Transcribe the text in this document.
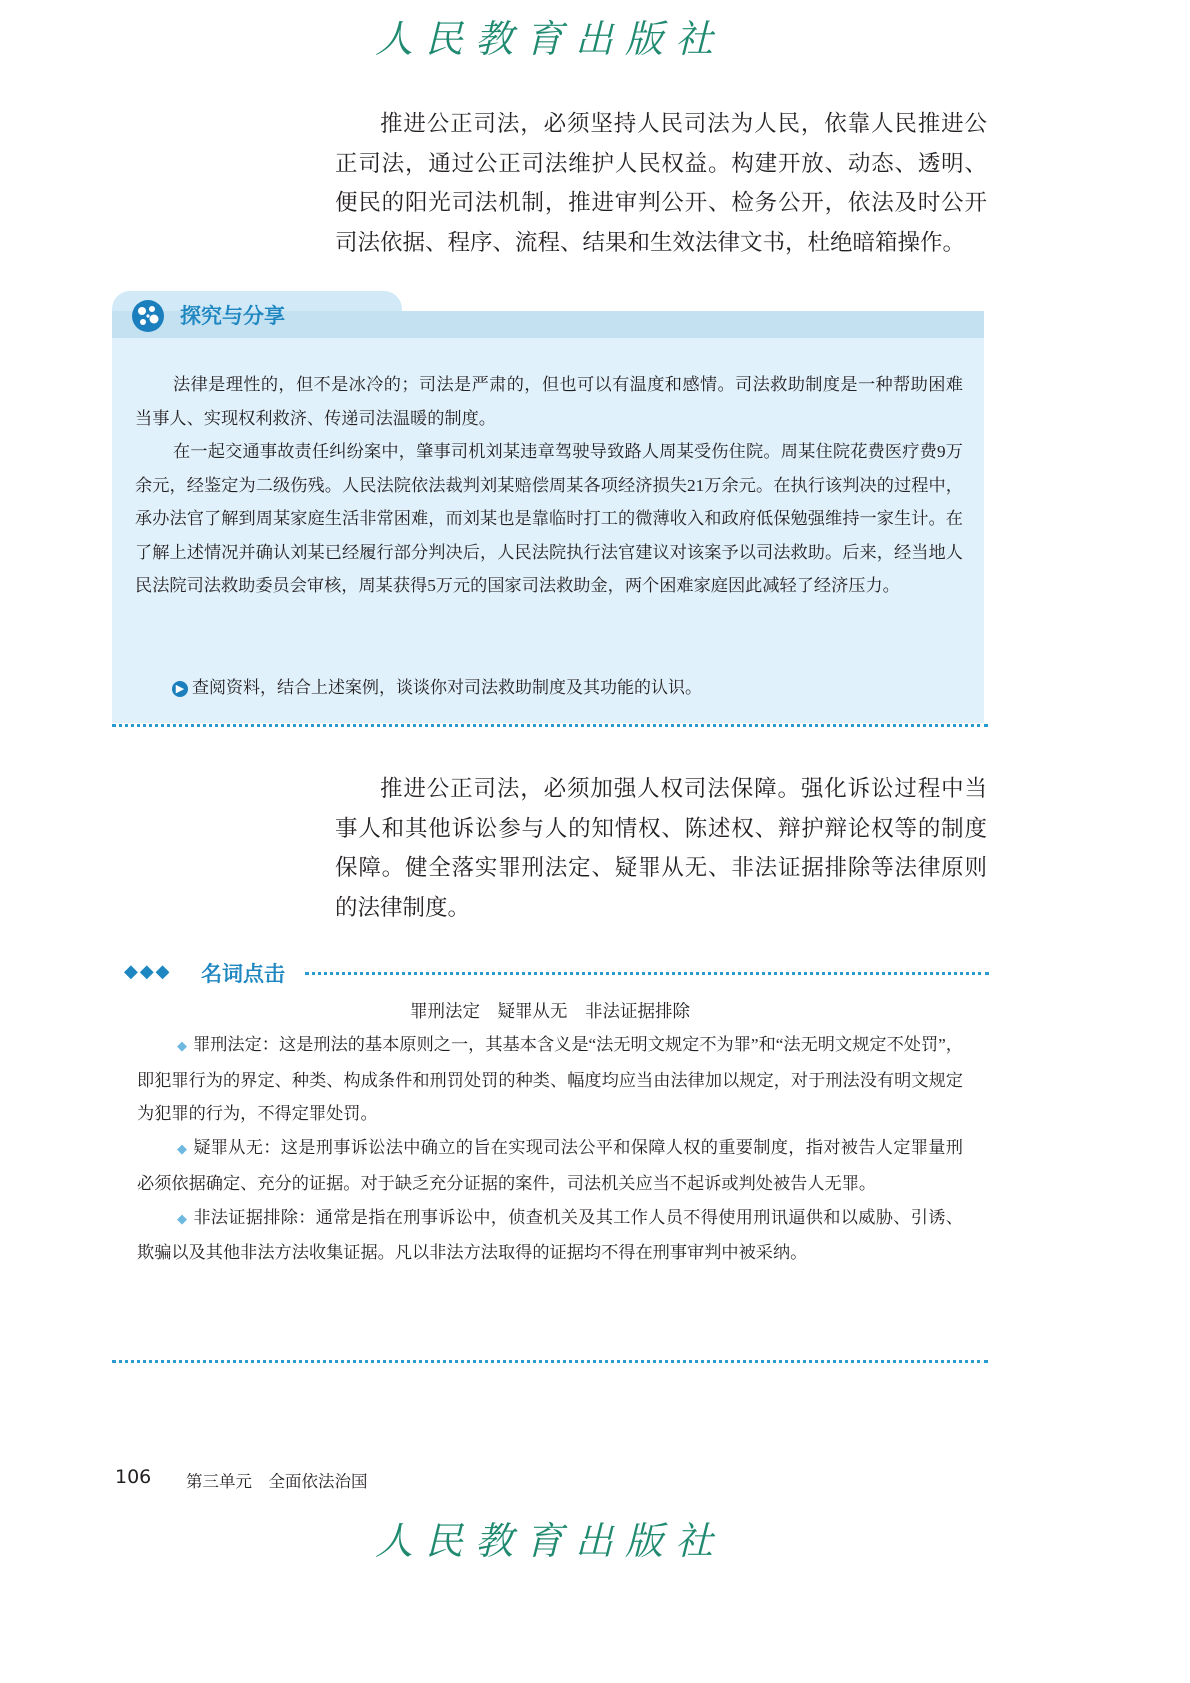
人民教育出版社

推进公正司法，必须坚持人民司法为人民，依靠人民推进公正司法，通过公正司法维护人民权益。构建开放、动态、透明、便民的阳光司法机制，推进审判公开、检务公开，依法及时公开司法依据、程序、流程、结果和生效法律文书，杜绝暗箱操作。

探究与分享

法律是理性的，但不是冰冷的；司法是严肃的，但也可以有温度和感情。司法救助制度是一种帮助困难当事人、实现权利救济、传递司法温暖的制度。

在一起交通事故责任纠纷案中，肇事司机刘某违章驾驶导致路人周某受伤住院。周某住院花费医疗费9万余元，经鉴定为二级伤残。人民法院依法裁判刘某赔偿周某各项经济损失21万余元。在执行该判决的过程中，承办法官了解到周某家庭生活非常困难，而刘某也是靠临时打工的微薄收入和政府低保勉强维持一家生计。在了解上述情况并确认刘某已经履行部分判决后，人民法院执行法官建议对该案予以司法救助。后来，经当地人民法院司法救助委员会审核，周某获得5万元的国家司法救助金，两个困难家庭因此减轻了经济压力。

▶ 查阅资料，结合上述案例，谈谈你对司法救助制度及其功能的认识。

推进公正司法，必须加强人权司法保障。强化诉讼过程中当事人和其他诉讼参与人的知情权、陈述权、辩护辩论权等的制度保障。健全落实罪刑法定、疑罪从无、非法证据排除等法律原则的法律制度。

◆◆◆ 名词点击
罪刑法定　疑罪从无　非法证据排除

◆ 罪刑法定：这是刑法的基本原则之一，其基本含义是“法无明文规定不为罪”和“法无明文规定不处罚”，即犯罪行为的界定、种类、构成条件和刑罚处罚的种类、幅度均应当由法律加以规定，对于刑法没有明文规定为犯罪的行为，不得定罪处罚。

◆ 疑罪从无：这是刑事诉讼法中确立的旨在实现司法公平和保障人权的重要制度，指对被告人定罪量刑必须依据确定、充分的证据。对于缺乏充分证据的案件，司法机关应当不起诉或判处被告人无罪。

◆ 非法证据排除：通常是指在刑事诉讼中，侦查机关及其工作人员不得使用刑讯逼供和以威胁、引诱、欺骗以及其他非法方法收集证据。凡以非法方法取得的证据均不得在刑事审判中被采纳。

106 第三单元　全面依法治国
人民教育出版社
